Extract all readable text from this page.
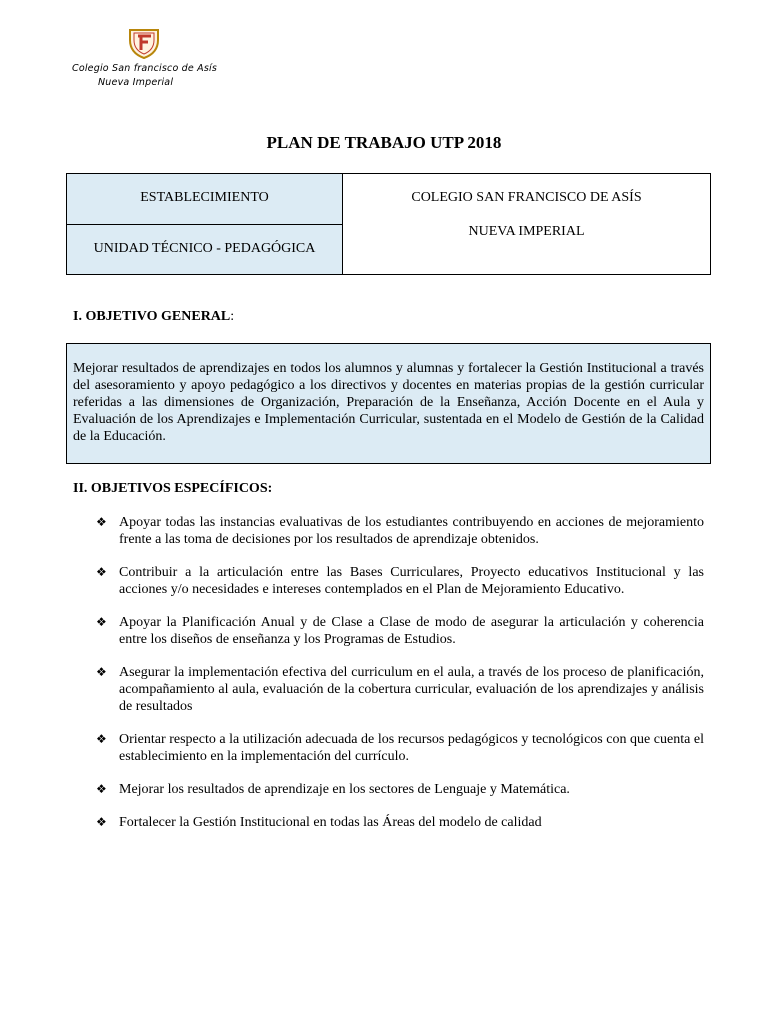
Colegio San francisco de Asís
Nueva Imperial
PLAN DE TRABAJO UTP 2018
ESTABLECIMIENTO
UNIDAD TÉCNICO - PEDAGÓGICA
COLEGIO SAN FRANCISCO DE ASÍS
NUEVA IMPERIAL
I. OBJETIVO GENERAL:
Mejorar resultados de aprendizajes en todos los alumnos y alumnas y fortalecer la Gestión Institucional a través del asesoramiento y apoyo pedagógico a los directivos y docentes en materias propias de la gestión curricular referidas a las dimensiones de Organización, Preparación de la Enseñanza, Acción Docente en el Aula y Evaluación de los Aprendizajes e Implementación Curricular, sustentada en el Modelo de Gestión de la Calidad de la Educación.
II. OBJETIVOS ESPECÍFICOS:
❖ Apoyar todas las instancias evaluativas de los estudiantes contribuyendo en acciones de mejoramiento frente a las toma de decisiones por los resultados de aprendizaje obtenidos.
❖ Contribuir a la articulación entre las Bases Curriculares, Proyecto educativos Institucional y las acciones y/o necesidades e intereses contemplados en el Plan de Mejoramiento Educativo.
❖ Apoyar la Planificación Anual y de Clase a Clase de modo de asegurar la articulación y coherencia entre los diseños de enseñanza y los Programas de Estudios.
❖ Asegurar la implementación efectiva del curriculum en el aula, a través de los proceso de planificación, acompañamiento al aula, evaluación de la cobertura curricular, evaluación de los aprendizajes y análisis de resultados
❖ Orientar respecto a la utilización adecuada de los recursos pedagógicos y tecnológicos con que cuenta el establecimiento en la implementación del currículo.
❖ Mejorar los resultados de aprendizaje en los sectores de Lenguaje y Matemática.
❖ Fortalecer la Gestión Institucional en todas las Áreas del modelo de calidad
